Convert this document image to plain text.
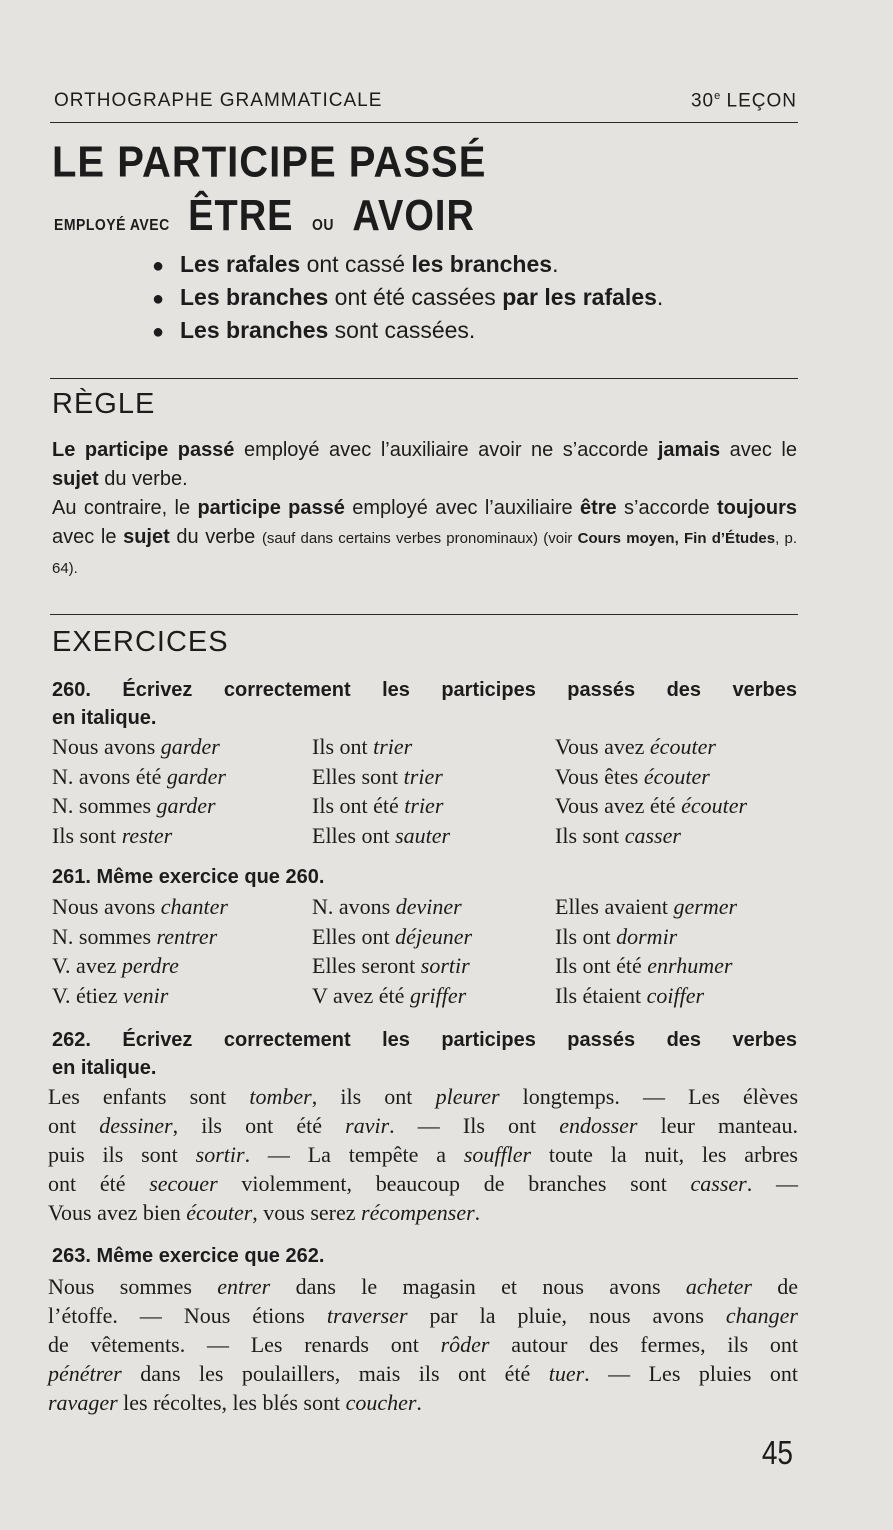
ORTHOGRAPHE GRAMMATICALE	30e LEÇON
LE PARTICIPE PASSÉ
EMPLOYÉ AVEC ÊTRE OU AVOIR
● Les rafales ont cassé les branches.
● Les branches ont été cassées par les rafales.
● Les branches sont cassées.
RÈGLE

Le participe passé employé avec l’auxiliaire avoir ne s’accorde jamais avec le sujet du verbe.

Au contraire, le participe passé employé avec l’auxiliaire être s’accorde toujours avec le sujet du verbe (sauf dans certains verbes pronominaux) (voir Cours moyen, Fin d’Études, p. 64).

EXERCICES
260. Écrivez correctement les participes passés des verbes
en italique.
Nous avons garder
N. avons été garder
N. sommes garder
Ils sont rester
Ils ont trier
Elles sont trier
Ils ont été trier
Elles ont sauter
Vous avez écouter
Vous êtes écouter
Vous avez été écouter
Ils sont casser
261. Même exercice que 260.
Nous avons chanter
N. sommes rentrer
V. avez perdre
V. étiez venir
N. avons deviner
Elles ont déjeuner
Elles seront sortir
V avez été griffer
Elles avaient germer
Ils ont dormir
Ils ont été enrhumer
Ils étaient coiffer
262. Écrivez correctement les participes passés des verbes
en italique.
Les enfants sont tomber, ils ont pleurer longtemps. — Les élèves
ont dessiner, ils ont été ravir. — Ils ont endosser leur manteau.
puis ils sont sortir. — La tempête a souffler toute la nuit, les arbres
ont été secouer violemment, beaucoup de branches sont casser. —
Vous avez bien écouter, vous serez récompenser.
263. Même exercice que 262.
Nous sommes entrer dans le magasin et nous avons acheter de
l’étoffe. — Nous étions traverser par la pluie, nous avons changer
de vêtements. — Les renards ont rôder autour des fermes, ils ont
pénétrer dans les poulaillers, mais ils ont été tuer. — Les pluies ont
ravager les récoltes, les blés sont coucher.
45
